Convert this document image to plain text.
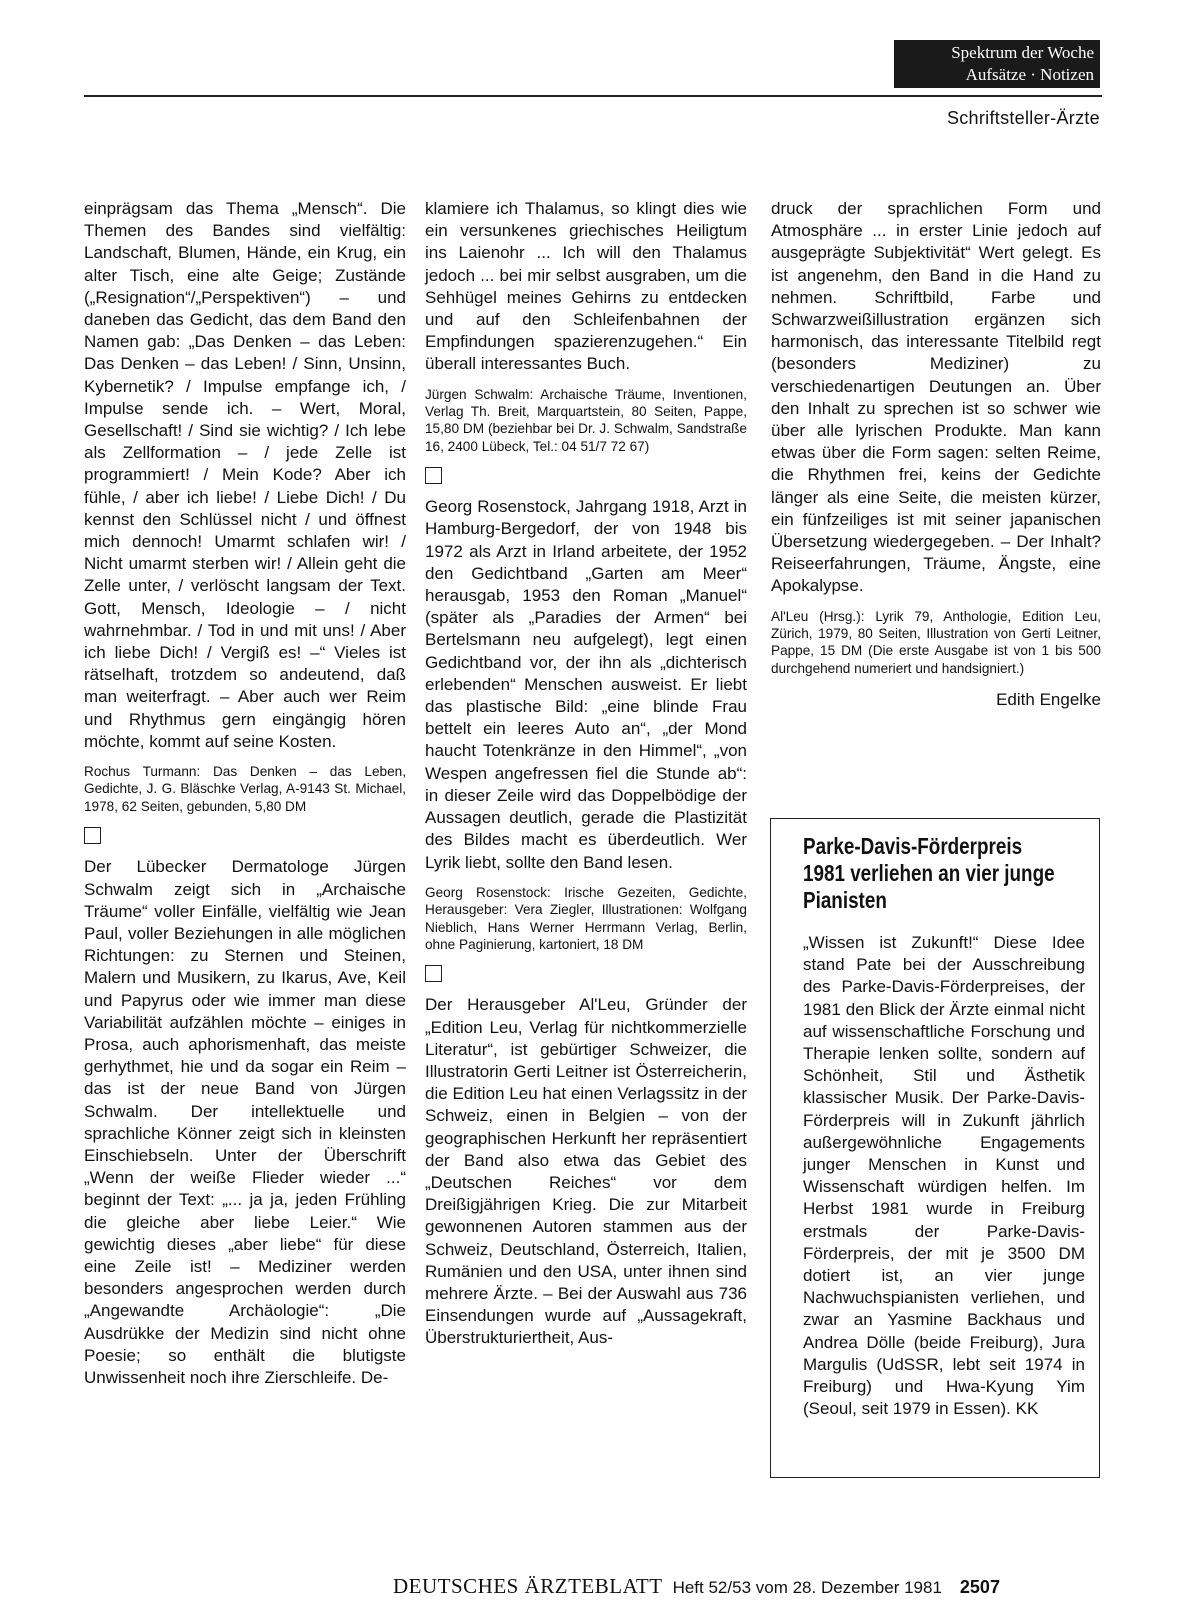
Spektrum der Woche
Aufsätze · Notizen
Schriftsteller-Ärzte

einprägsam das Thema „Mensch“. Die Themen des Bandes sind vielfältig: Landschaft, Blumen, Hände, ein Krug, ein alter Tisch, eine alte Geige; Zustände („Resignation“/„Perspektiven“) – und daneben das Gedicht, das dem Band den Namen gab: „Das Denken – das Leben: Das Denken – das Leben! / Sinn, Unsinn, Kybernetik? / Impulse empfange ich, / Impulse sende ich. – Wert, Moral, Gesellschaft! / Sind sie wichtig? / Ich lebe als Zellformation – / jede Zelle ist programmiert! / Mein Kode? Aber ich fühle, / aber ich liebe! / Liebe Dich! / Du kennst den Schlüssel nicht / und öffnest mich dennoch! Umarmt schlafen wir! / Nicht umarmt sterben wir! / Allein geht die Zelle unter, / verlöscht langsam der Text. Gott, Mensch, Ideologie – / nicht wahrnehmbar. / Tod in und mit uns! / Aber ich liebe Dich! / Vergiß es! –“ Vieles ist rätselhaft, trotzdem so andeutend, daß man weiterfragt. – Aber auch wer Reim und Rhythmus gern eingängig hören möchte, kommt auf seine Kosten.

Rochus Turmann: Das Denken – das Leben, Gedichte, J. G. Bläschke Verlag, A-9143 St. Michael, 1978, 62 Seiten, gebunden, 5,80 DM

Der Lübecker Dermatologe Jürgen Schwalm zeigt sich in „Archaische Träume“ voller Einfälle, vielfältig wie Jean Paul, voller Beziehungen in alle möglichen Richtungen: zu Sternen und Steinen, Malern und Musikern, zu Ikarus, Ave, Keil und Papyrus oder wie immer man diese Variabilität aufzählen möchte – einiges in Prosa, auch aphorismenhaft, das meiste gerhythmet, hie und da sogar ein Reim – das ist der neue Band von Jürgen Schwalm. Der intellektuelle und sprachliche Könner zeigt sich in kleinsten Einschiebseln. Unter der Überschrift „Wenn der weiße Flieder wieder ...“ beginnt der Text: „... ja ja, jeden Frühling die gleiche aber liebe Leier.“ Wie gewichtig dieses „aber liebe“ für diese eine Zeile ist! – Mediziner werden besonders angesprochen werden durch „Angewandte Archäologie“: „Die Ausdrükke der Medizin sind nicht ohne Poesie; so enthält die blutigste Unwissenheit noch ihre Zierschleife. De-

klamiere ich Thalamus, so klingt dies wie ein versunkenes griechisches Heiligtum ins Laienohr ... Ich will den Thalamus jedoch ... bei mir selbst ausgraben, um die Sehhügel meines Gehirns zu entdecken und auf den Schleifenbahnen der Empfindungen spazierenzugehen.“ Ein überall interessantes Buch.

Jürgen Schwalm: Archaische Träume, Inventionen, Verlag Th. Breit, Marquartstein, 80 Seiten, Pappe, 15,80 DM (beziehbar bei Dr. J. Schwalm, Sandstraße 16, 2400 Lübeck, Tel.: 04 51/7 72 67)

Georg Rosenstock, Jahrgang 1918, Arzt in Hamburg-Bergedorf, der von 1948 bis 1972 als Arzt in Irland arbeitete, der 1952 den Gedichtband „Garten am Meer“ herausgab, 1953 den Roman „Manuel“ (später als „Paradies der Armen“ bei Bertelsmann neu aufgelegt), legt einen Gedichtband vor, der ihn als „dichterisch erlebenden“ Menschen ausweist. Er liebt das plastische Bild: „eine blinde Frau bettelt ein leeres Auto an“, „der Mond haucht Totenkränze in den Himmel“, „von Wespen angefressen fiel die Stunde ab“: in dieser Zeile wird das Doppelbödige der Aussagen deutlich, gerade die Plastizität des Bildes macht es überdeutlich. Wer Lyrik liebt, sollte den Band lesen.

Georg Rosenstock: Irische Gezeiten, Gedichte, Herausgeber: Vera Ziegler, Illustrationen: Wolfgang Nieblich, Hans Werner Herrmann Verlag, Berlin, ohne Paginierung, kartoniert, 18 DM

Der Herausgeber Al'Leu, Gründer der „Edition Leu, Verlag für nichtkommerzielle Literatur“, ist gebürtiger Schweizer, die Illustratorin Gerti Leitner ist Österreicherin, die Edition Leu hat einen Verlagssitz in der Schweiz, einen in Belgien – von der geographischen Herkunft her repräsentiert der Band also etwa das Gebiet des „Deutschen Reiches“ vor dem Dreißigjährigen Krieg. Die zur Mitarbeit gewonnenen Autoren stammen aus der Schweiz, Deutschland, Österreich, Italien, Rumänien und den USA, unter ihnen sind mehrere Ärzte. – Bei der Auswahl aus 736 Einsendungen wurde auf „Aussagekraft, Überstrukturiertheit, Aus-

druck der sprachlichen Form und Atmosphäre ... in erster Linie jedoch auf ausgeprägte Subjektivität“ Wert gelegt. Es ist angenehm, den Band in die Hand zu nehmen. Schriftbild, Farbe und Schwarzweißillustration ergänzen sich harmonisch, das interessante Titelbild regt (besonders Mediziner) zu verschiedenartigen Deutungen an. Über den Inhalt zu sprechen ist so schwer wie über alle lyrischen Produkte. Man kann etwas über die Form sagen: selten Reime, die Rhythmen frei, keins der Gedichte länger als eine Seite, die meisten kürzer, ein fünfzeiliges ist mit seiner japanischen Übersetzung wiedergegeben. – Der Inhalt? Reiseerfahrungen, Träume, Ängste, eine Apokalypse.

Al'Leu (Hrsg.): Lyrik 79, Anthologie, Edition Leu, Zürich, 1979, 80 Seiten, Illustration von Gerti Leitner, Pappe, 15 DM (Die erste Ausgabe ist von 1 bis 500 durchgehend numeriert und handsigniert.)

Edith Engelke

Parke-Davis-Förderpreis 1981 verliehen an vier junge Pianisten

„Wissen ist Zukunft!“ Diese Idee stand Pate bei der Ausschreibung des Parke-Davis-Förderpreises, der 1981 den Blick der Ärzte einmal nicht auf wissenschaftliche Forschung und Therapie lenken sollte, sondern auf Schönheit, Stil und Ästhetik klassischer Musik. Der Parke-Davis-Förderpreis will in Zukunft jährlich außergewöhnliche Engagements junger Menschen in Kunst und Wissenschaft würdigen helfen. Im Herbst 1981 wurde in Freiburg erstmals der Parke-Davis-Förderpreis, der mit je 3500 DM dotiert ist, an vier junge Nachwuchspianisten verliehen, und zwar an Yasmine Backhaus und Andrea Dölle (beide Freiburg), Jura Margulis (UdSSR, lebt seit 1974 in Freiburg) und Hwa-Kyung Yim (Seoul, seit 1979 in Essen). KK

DEUTSCHES ÄRZTEBLATT Heft 52/53 vom 28. Dezember 1981 2507
